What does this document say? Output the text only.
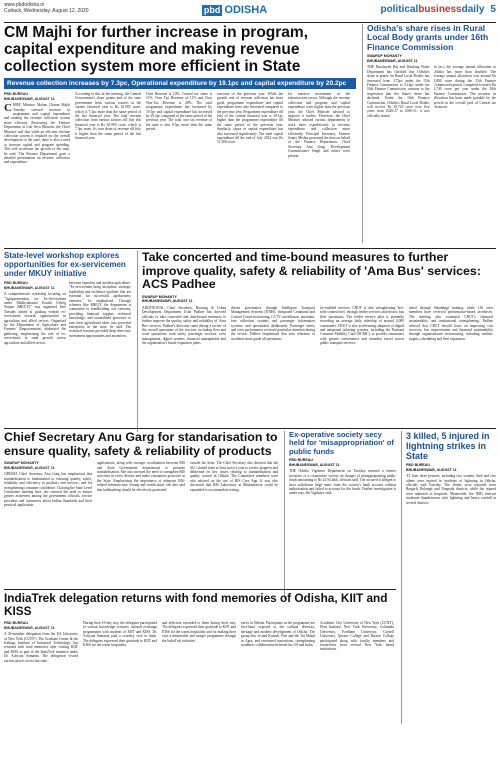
www.pbdodisha.in
Cuttack, Wednesday, August 12, 2020	pbd ODISHA	politicalbusinessdaily 5
CM Majhi for further increase in program, capital expenditure and making revenue collection system more efficient in State
Revenue collection increases by 7.3pc, Operational expenditure by 19.1pc and capital expenditure by 20.2pc
PBD BUREAU
BHUBANESWAR, AUGUST 11
C HIEF Minister Mohan Charan Majhi Tuesday stressed increase in programme and capital expenditure and making the revenue collection system more efficient. Reviewing the Finance Department at Lok Seva Bhawan, the Chief Minister said that while an efficient revenue collection system is required for the overall development of the state, there is also a need to increase capital and program spending. This will accelerate the growth of the state, he said. The Finance Department gave a detailed presentation on revenue collection and expenditure.
According to this in the meeting, the Central Government's share grants and of the state government from various sources in the current financial year is Rs 65,985 crore, which is 7.3pc more than the same period of the last financial year. The total revenue collection from various sources till July this financial year is Rs 63,993 crore, which is 7.3pc more. Its own share of revenue till July is higher than the same period of the last financial year.
Own Revenue is 10%. Central tax share is 11%. Own Tax Revenue of 11% and Own Non-Tax Revenue is 28%. The total programme expenditure has increased by 19.1pc and capital expenditure has increased by 20.2pc compared to the same period of the previous year. The total core tax revenue of the state is also 9.5pc more than the same period.
outcome of the previous year. While the growth rate of revenue collection has been good, programme expenditure and capital expenditure have also increased compared to the previous year. Programme expenditure till July of the current financial year is 19.1pc higher than the programme expenditure till the same period of the previous year. Similarly, capex or capital expenditure has also increased significantly. The total capital expenditure till the end of July 2024 was Rs 11,300 crore.
for massive investment in the infrastructure sector. Although the revenue collection and program and capital expenditure were higher than the previous year, the Chief Minister advised to improve it further. Therefore, the Chief Minister advised various departments to work more expeditiously to increase expenditure and collection more efficiently. Principal Secretary, Finance Sanjiv Mishra presented the data on behalf of the Finance Department. Chief Secretary Anu Garg, Development Commissioner Singh and others were present.
Odisha's share rises in Rural Local Body grants under 16th Finance Commission
SWARUP MOHANTY
BHUBANESWAR, AUGUST 11
THE Panchayati Raj and Drinking Water Department has clarified that Odisha's share in grants for Rural Local Bodies has increased from 3.72pc under the 15th Finance Commission to 4.14pc under the 16th Finance Commission, contrary to the impression that the State's share has declined. Under the 16th Finance Commission, Odisha's Rural Local Bodies will receive Rs 18,720 crore over five years from 2026-27 to 2030-31, it was officially stated.
In fact, the average annual allocation to Odisha has more than doubled. The average annual allocation was around Rs 1,800 crore during the 15th Finance Commission period, compared to nearly Rs 3,740 crore per year under the 16th Finance Commission. The increase in allocation has been made possible by the growth in the overall pool of Central tax resources.
State-level workshop explores opportunities for ex-servicemen under MKUY initiative
PBD BUREAU
BHUBANESWAR, AUGUST 11
A comprehensive workshop focusing on "Agripreneurship for Ex-Servicemen under Mukhyamantri Krushi Udyog Yojana (MKUY)" was organised here Tuesday aimed at guiding veteran ex-servicemen towards opportunities in agriculture and allied sectors. Organised by the Department of Agriculture and Farmers' Empowerment, addressed the gathering, emphasising the role of ex-servicemen in rural growth across agriculture and allied sectors.
between expertise and modern agriculture. "Ex-servicemen bring discipline, strategic leadership and resilience qualities that are essential for successful agribusiness ventures," he emphasised. Through schemes like MKUY, the department is committed to handholding our veterans, providing financial support, technical knowledge, and streamlined processes to turn their agricultural ideas into powerful enterprises in the state, he said. The technical sessions provided deep dives into investment opportunities and incentives.
Take concerted and time-bound measures to further improve quality, safety & reliability of 'Ama Bus' services: ACS Padhee
SWARUP MOHANTY
BHUBANESWAR, AUGUST 11
ADDITIONAL Chief Secretary, Housing & Urban Development Department Usha Padhee has directed officials to take concerted and time-bound measures to further improve the quality, safety and reliability of 'Ama Bus' services. Padhee's direction came during a review of the overall operations of the services, including fleet and route operations, road safety, passenger services, crew management, digital systems, financial management and the organisation's future expansion plans.
driven governance through Intelligent Transport Management Systems (ITMS), Integrated Command and Control Centre monitoring, CCTV surveillance, automatic fare collection systems and passenger information systems, and operational dashboards. Passenger safety and crew performance received particular attention during the review. Padhee emphasised that zero tolerance to accidents must guide all operations.
ity-enabled services. CRUT is also strengthening 'last-mile connectivity' through feeder services and electric bus fleet operations. The feeder service pilot is presently recording an average daily ridership of around 4,000 commuters. CRUT is also accelerating adoption of digital and integrated ticketing systems, including the National Common Mobility Card (NCMC), to provide commuters with greater convenience and seamless travel across public transport services.
nized through Sahabhagi training, while 116 crew members have received performance-based incentives. The meeting also examined CRUT's financial sustainability and institutional strengthening. Padhee advised that CRUT should focus on improving cost recovery, bus improvement and financial sustainability through organisational restructuring, including realistic targets, scheduling and fleet expansion.
Chief Secretary Anu Garg for standarisation to ensure quality, safety & reliability of products
SWARUP MOHANTY
BHUBANESWAR, AUGUST 11
ODISHA Chief Secretary Anu Garg has emphasised that standardisation is fundamental to ensuring quality, safety, reliability and efficiency in products and services, and for strengthening consumer confidence. Chairing the State Level Committee meeting here, she stressed the need to ensure greater awareness among the government officials, service providers and consumers about Indian Standards and their practical application.
applications, along with stronger coordination between BIS and State Government departments to promote standardisation. She also stressed the need to strengthen BIS activities in every district and make consumers proactive in the State. Emphasising the importance of adequate BIS-related infrastructure, testing and certification, she also said that hallmarking should be effectively promoted.
outside the State. The Chief Secretary also directed that the SLC should meet at least twice a year to review progress and deliberate on key issues relating to standardisation and quality control in Odisha. The Committee members were also advised on the use of BIS Care App. It was also discussed that BIS Laboratory at Bhubaneswar could be expanded to accommodate testing.
Ex-operative society secy held for 'misappropriation' of public funds
PBD BUREAU
BHUBANESWAR, AUGUST 11
THE Odisha Vigilance Department on Tuesday arrested a former secretary of a cooperative society on charges of misappropriating public funds amounting to Rs 23.94 lakh, officials said. The accused is alleged to have withdrawn large sums from the society's bank account without authorisation and failed to account for the funds. Further investigation is under way, the Vigilance said.
3 killed, 5 injured in lightning strikes in State
PBD BUREAU
BHUBANESWAR, AUGUST 11
AT least three persons, including two women, died and five others were injured in incidents of lightning in Odisha, officials said Tuesday. The deaths were reported from Bargarh, Bolangir and Nuapada districts, while the injured were admitted to hospitals. Meanwhile, the IMD forecast moderate thunderstorm with lightning and heavy rainfall in several districts.
IndiaTrek delegation returns with fond memories of Odisha, KIIT and KISS
PBD BUREAU
BHUBANESWAR, AUGUST 11
A 30-member delegation from the US University of New York (CUNY), The Graduate Center & the Kalinga Institute of Industrial Technology, has returned with fond memories after visiting KIIT and KISS as part of the IndiaTrek initiative under Dr. Achyuta Samanta. The delegation visited various places across the state.
During their 10-day stay, the delegates participated in various knowledge sessions, cultural exchange programmes with students of KIIT and KISS. Dr. Achyuta Samanta paid a courtesy visit to them. The delegates expressed their gratitude to KIIT and KISS for the warm hospitality.
and affection extended to them during their stay. The delegates expressed their gratitude to KIIT and KISS for the warm hospitality and for making their visit a memorable and unique programme through the IndiaTrek initiative.
ences in Odisha. Participants in the programme are first-hand exposed to the cultural diversity, heritage and modern development of Odisha. The group also visited Konark, Puri and the Taj Mahal in Agra, and renowned institutions, strengthening academic collaboration between the US and India.
Academic City University of New York (CUNY), Pratt Institute, New York University, Columbia University, Fordham University, Cornell University, Queens College and Baruch College participated along with faculty members and researchers from several New York based institutions.
